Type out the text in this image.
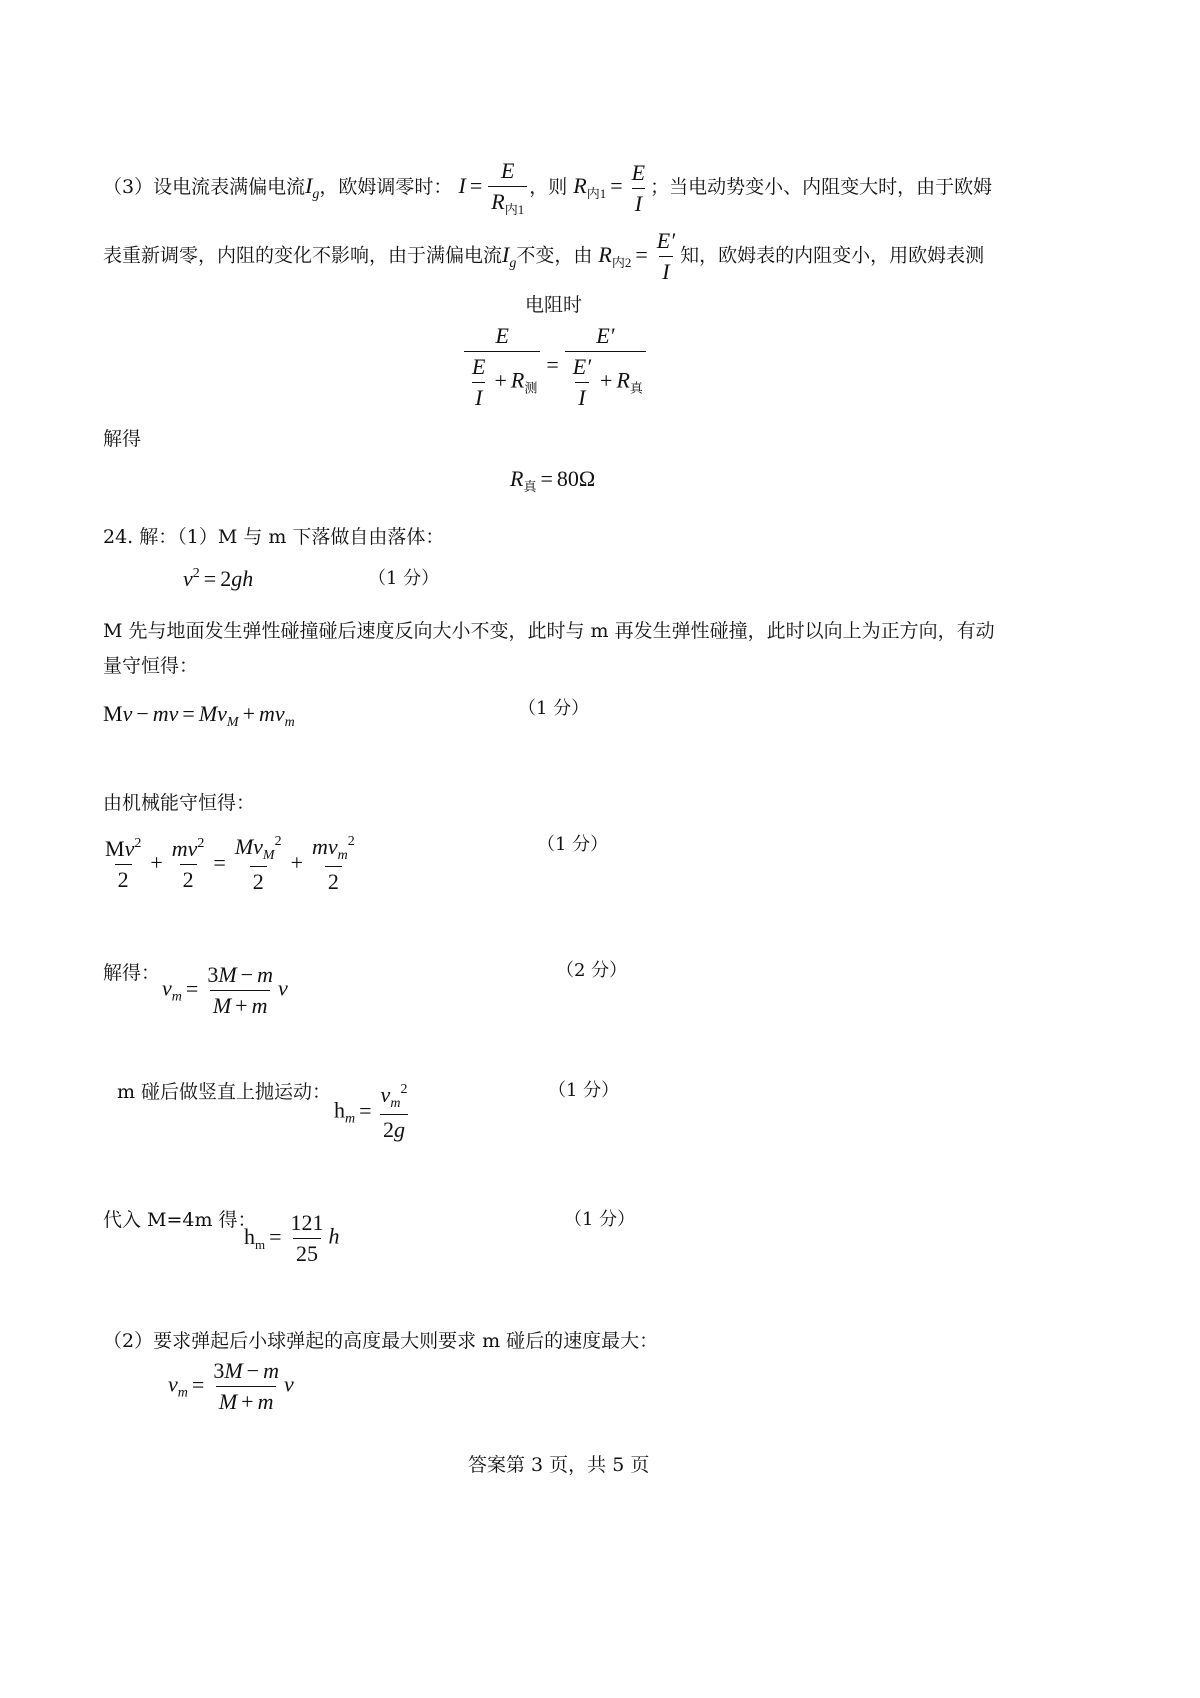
（3）设电流表满偏电流$I_g$，欧姆调零时： $I = \frac{E}{R_{内1}}$ ，则 $R_{内1} = \frac{E}{I}$ ；当电动势变小、内阻变大时，由于欧姆
表重新调零，内阻的变化不影响，由于满偏电流$I_g$不变，由 $R_{内2} = \frac{E'}{I}$ 知，欧姆表的内阻变小，用欧姆表测
电阻时
$\frac{E}{\frac{E}{I} + R_测} = \frac{E'}{\frac{E'}{I} + R_真}$
解得
$R_真 = 80\Omega$
24. 解：（1）M 与 m 下落做自由落体：
$v^2 = 2gh$	（1 分）
M 先与地面发生弹性碰撞碰后速度反向大小不变，此时与 m 再发生弹性碰撞，此时以向上为正方向，有动
量守恒得：
Mv − mv = $Mv_M + mv_m$
（1 分）
由机械能守恒得：
$\frac{Mv^2}{2} + \frac{mv^2}{2} = \frac{Mv_M^2}{2} + \frac{mv_m^2}{2}$	（1 分）
解得：
$v_m = \frac{3M - m}{M + m}$ v
（2 分）
m 碰后做竖直上抛运动：
$h_m = \frac{v_m^2}{2g}$	（1 分）
代入 M=4m 得：
$h_m = \frac{121}{25}$ h
（1 分）
（2）要求弹起后小球弹起的高度最大则要求 m 碰后的速度最大：
$v_m = \frac{3M - m}{M + m}$ v
答案第 3 页，共 5 页
